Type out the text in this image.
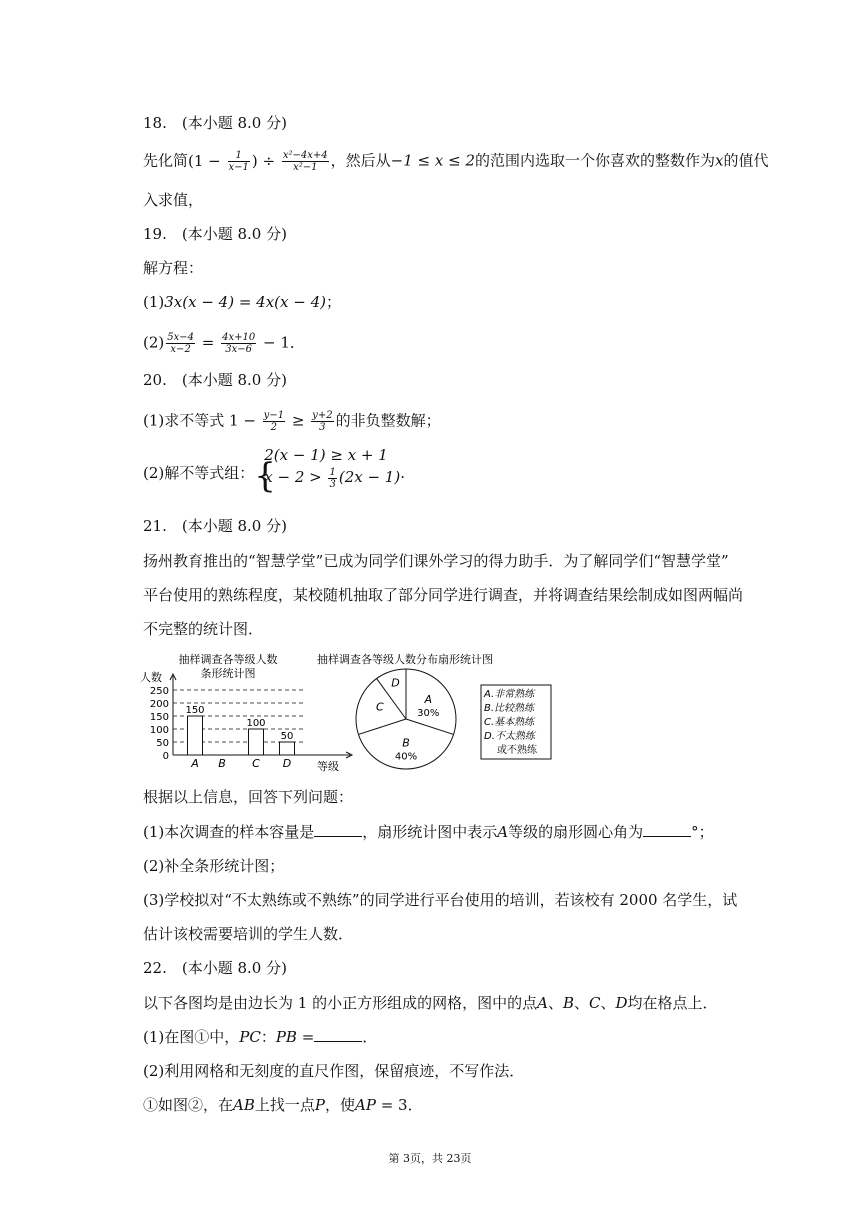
18.　(本小题 8.0 分)
先化简($1 - \frac{1}{x-1}$ ) ÷ $\frac{\text{x²−4x+4}}{\text{x²−1}}$ ，然后从−1 ≤ x ≤ 2的范围内选取一个你喜欢的整数作为x的值代
入求值，
19.　(本小题 8.0 分)
解方程：
(1)3x(x − 4) = 4x(x − 4)；
$(2) \frac{5x-4}{x-2} = \frac{4x+10}{3x-6} - 1$．
20.　(本小题 8.0 分)
(1)求不等式 $1 - \frac{y-1}{2} \ge \frac{y+2}{3}$ 的非负整数解；
(2)解不等式组： {
2(x − 1) ≥ x + 1
$x - 2 > \frac{1}{3} (2x - 1)$ .
21.　(本小题 8.0 分)
扬州教育推出的“智慧学堂”已成为同学们课外学习的得力助手．为了解同学们“智慧学堂”
平台使用的熟练程度，某校随机抽取了部分同学进行调查，并将调查结果绘制成如图两幅尚
不完整的统计图．
抽样调查各等级人数
条形统计图
人数
等级
0
50
100
150
200
250
A
150
B C
100
D
50
抽样调查各等级人数分布扇形统计图
A
30%
B
40%
C
D
A.非常熟练
B.比较熟练
C.基本熟练
D.不太熟练
或不熟练
根据以上信息，回答下列问题：
(1)本次调查的样本容量是	，扇形统计图中表示A等级的扇形圆心角为	°；
(2)补全条形统计图；
(3)学校拟对“不太熟练或不熟练”的同学进行平台使用的培训，若该校有 2000 名学生，试
估计该校需要培训的学生人数．
22.　(本小题 8.0 分)
以下各图均是由边长为 1 的小正方形组成的网格，图中的点A、B、C、D均在格点上．
(1)在图①中，PC：PB =	．
(2)利用网格和无刻度的直尺作图，保留痕迹，不写作法．
①如图②，在AB上找一点P，使AP = 3．
第 3页，共 23页
